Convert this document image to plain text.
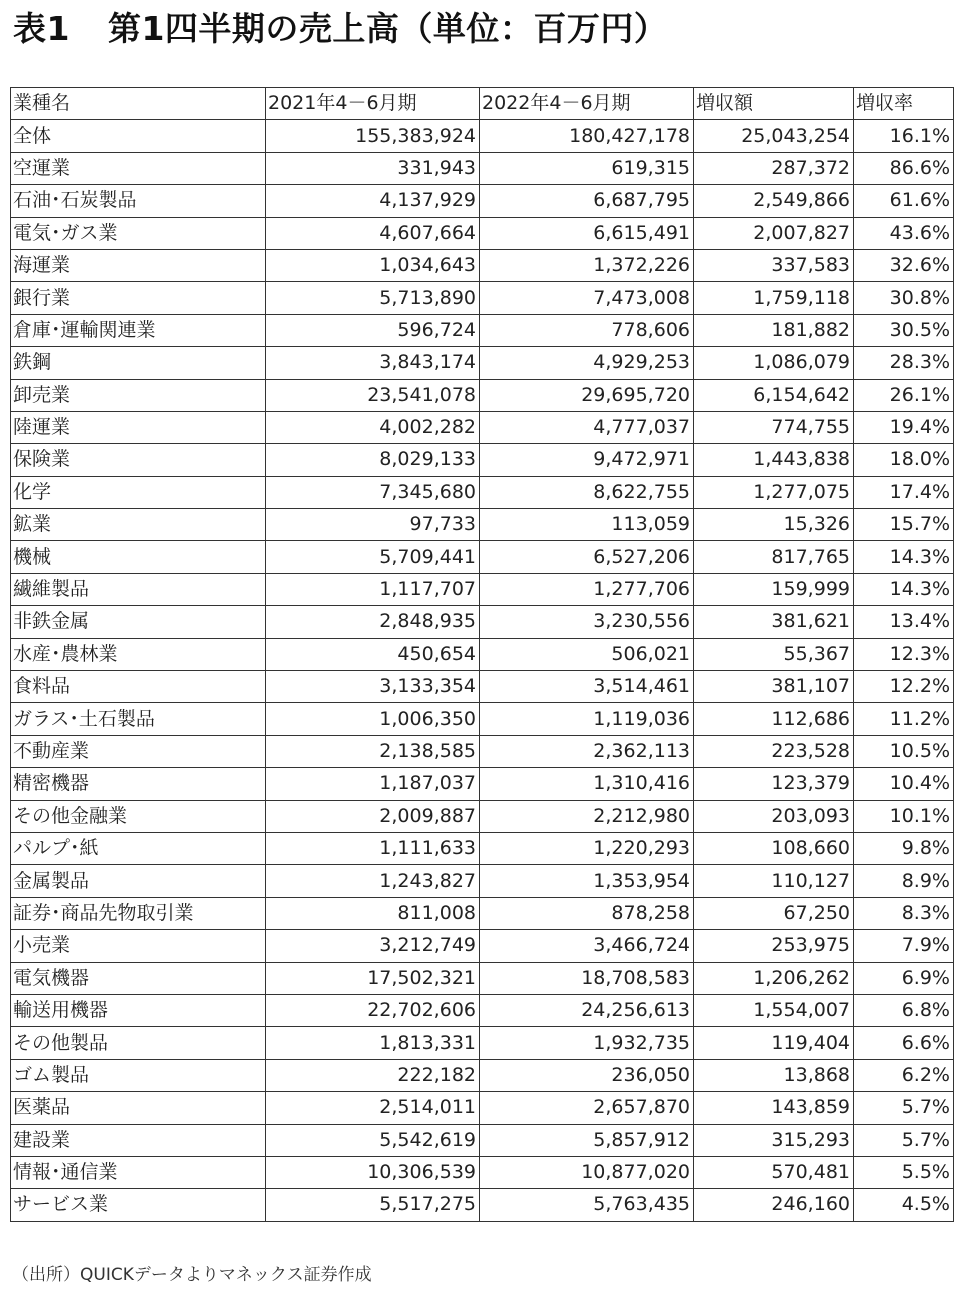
表1 第1四半期の売上高（単位：百万円）
業種名	2021年4－6月期	2022年4－6月期	増収額	増収率
全体	155,383,924	180,427,178	25,043,254	16.1%
空運業	331,943	619,315	287,372	86.6%
石油･石炭製品	4,137,929	6,687,795	2,549,866	61.6%
電気･ガス業	4,607,664	6,615,491	2,007,827	43.6%
海運業	1,034,643	1,372,226	337,583	32.6%
銀行業	5,713,890	7,473,008	1,759,118	30.8%
倉庫･運輸関連業	596,724	778,606	181,882	30.5%
鉄鋼	3,843,174	4,929,253	1,086,079	28.3%
卸売業	23,541,078	29,695,720	6,154,642	26.1%
陸運業	4,002,282	4,777,037	774,755	19.4%
保険業	8,029,133	9,472,971	1,443,838	18.0%
化学	7,345,680	8,622,755	1,277,075	17.4%
鉱業	97,733	113,059	15,326	15.7%
機械	5,709,441	6,527,206	817,765	14.3%
繊維製品	1,117,707	1,277,706	159,999	14.3%
非鉄金属	2,848,935	3,230,556	381,621	13.4%
水産･農林業	450,654	506,021	55,367	12.3%
食料品	3,133,354	3,514,461	381,107	12.2%
ガラス･土石製品	1,006,350	1,119,036	112,686	11.2%
不動産業	2,138,585	2,362,113	223,528	10.5%
精密機器	1,187,037	1,310,416	123,379	10.4%
その他金融業	2,009,887	2,212,980	203,093	10.1%
パルプ･紙	1,111,633	1,220,293	108,660	9.8%
金属製品	1,243,827	1,353,954	110,127	8.9%
証券･商品先物取引業	811,008	878,258	67,250	8.3%
小売業	3,212,749	3,466,724	253,975	7.9%
電気機器	17,502,321	18,708,583	1,206,262	6.9%
輸送用機器	22,702,606	24,256,613	1,554,007	6.8%
その他製品	1,813,331	1,932,735	119,404	6.6%
ゴム製品	222,182	236,050	13,868	6.2%
医薬品	2,514,011	2,657,870	143,859	5.7%
建設業	5,542,619	5,857,912	315,293	5.7%
情報･通信業	10,306,539	10,877,020	570,481	5.5%
サービス業	5,517,275	5,763,435	246,160	4.5%
（出所）QUICKデータよりマネックス証券作成
